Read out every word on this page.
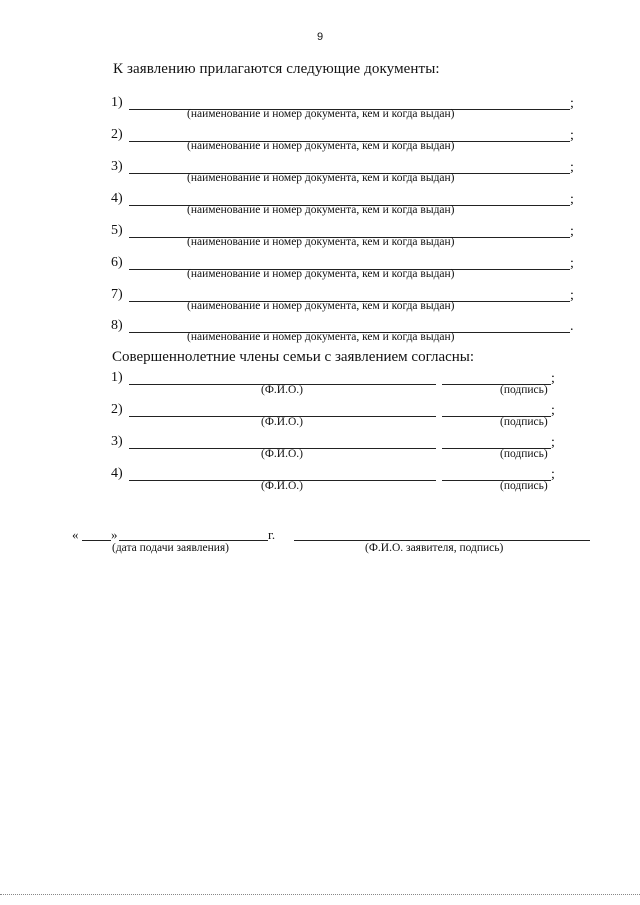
9
К заявлению прилагаются следующие документы:
1)	;
(наименование и номер документа, кем и когда выдан)
2)	;
(наименование и номер документа, кем и когда выдан)
3)	;
(наименование и номер документа, кем и когда выдан)
4)	;
(наименование и номер документа, кем и когда выдан)
5)	;
(наименование и номер документа, кем и когда выдан)
6)	;
(наименование и номер документа, кем и когда выдан)
7)	;
(наименование и номер документа, кем и когда выдан)
8)	.
(наименование и номер документа, кем и когда выдан)
Совершеннолетние члены семьи с заявлением согласны:
1)	;
(Ф.И.О.)	(подпись)
2)	;
(Ф.И.О.)	(подпись)
3)	;
(Ф.И.О.)	(подпись)
4)	;
(Ф.И.О.)	(подпись)
«	»	г.
(дата подачи заявления)	(Ф.И.О. заявителя, подпись)
